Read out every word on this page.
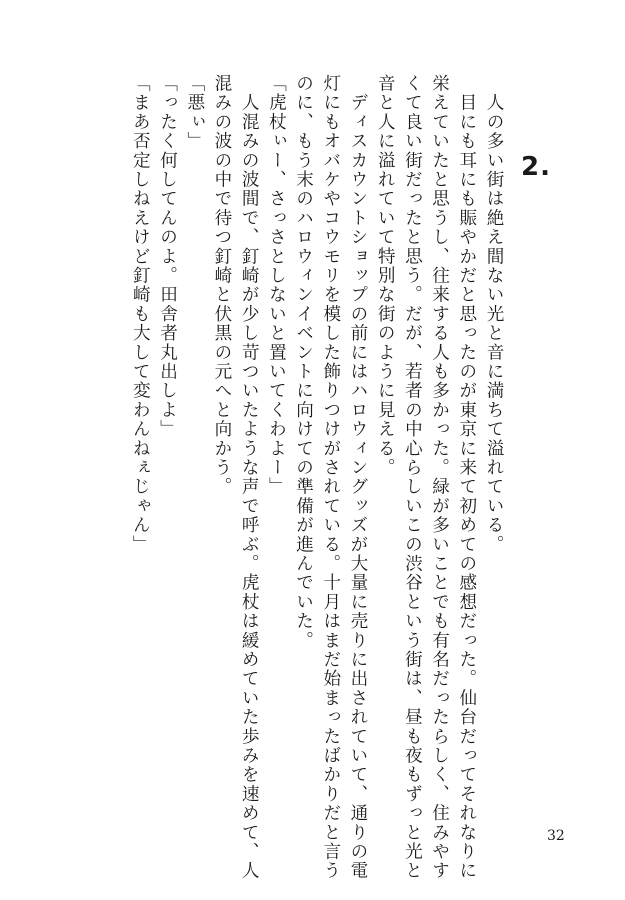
2.
　人の多い街は絶え間ない光と音に満ちて溢れている。
　目にも耳にも賑やかだと思ったのが東京に来て初めての感想だった。仙台だってそれなりに
栄えていたと思うし、往来する人も多かった。緑が多いことでも有名だったらしく、住みやす
くて良い街だったと思う。だが、若者の中心らしいこの渋谷という街は、昼も夜もずっと光と
音と人に溢れていて特別な街のように見える。
　ディスカウントショップの前にはハロウィングッズが大量に売りに出されていて、通りの電
灯にもオバケやコウモリを模した飾りつけがされている。十月はまだ始まったばかりだと言う
のに、もう末のハロウィンイベントに向けての準備が進んでいた。
「虎杖ぃー、さっさとしないと置いてくわよー」
　人混みの波間で、釘崎が少し苛ついたような声で呼ぶ。虎杖は緩めていた歩みを速めて、人
混みの波の中で待つ釘崎と伏黒の元へと向かう。
「悪ぃ」
「ったく何してんのよ。田舎者丸出しよ」
「まあ否定しねえけど釘崎も大して変わんねぇじゃん」
32
